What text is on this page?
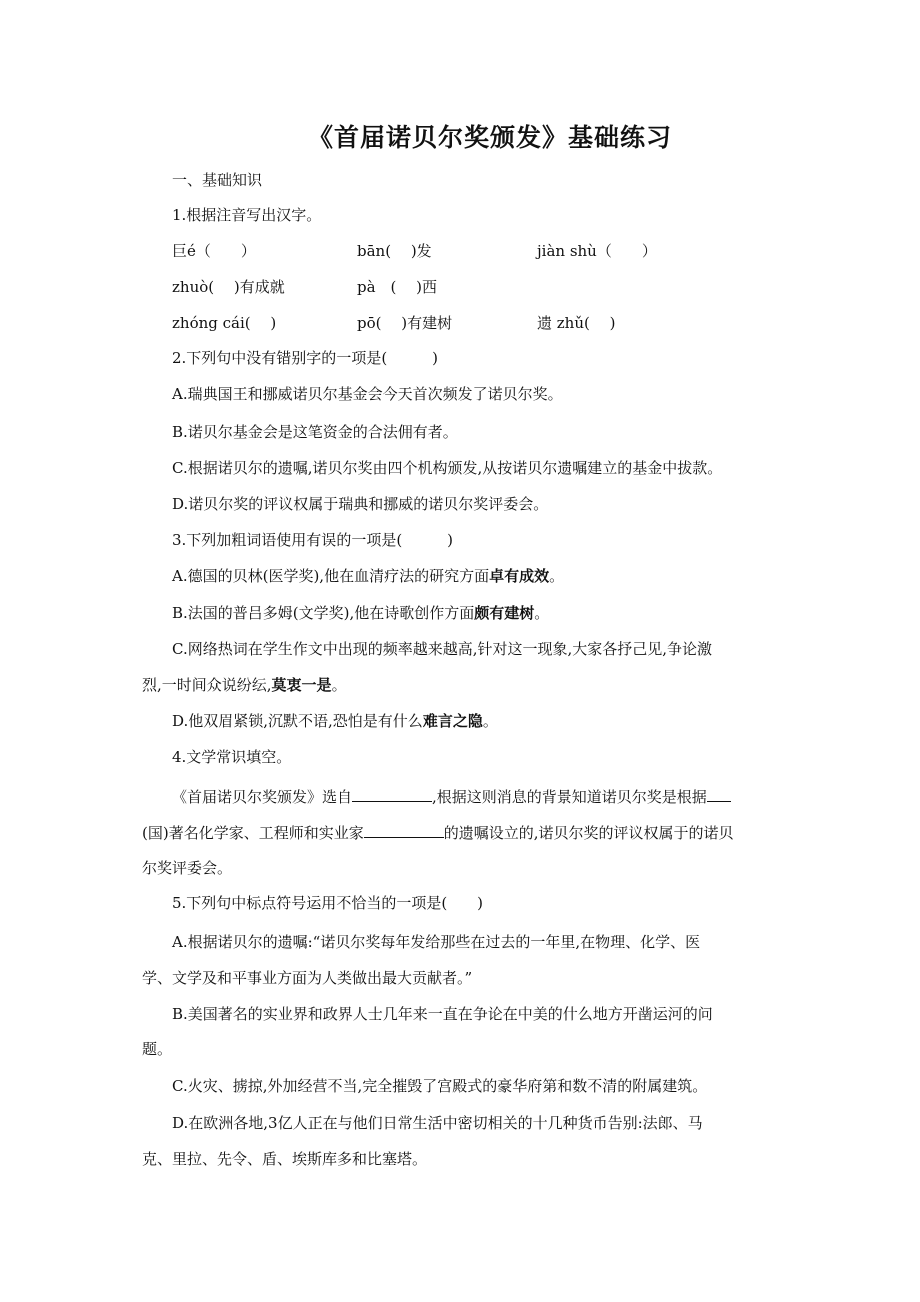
《首届诺贝尔奖颁发》基础练习
一、基础知识
1.根据注音写出汉字。
巨é（　　）	bān(　 )发	jiàn shù（　　）
zhuò(　 )有成就	pà　(　 )西
zhóng cái(　 )	pō(　 )有建树	遗 zhǔ(　 )
2.下列句中没有错别字的一项是(　　　)
A.瑞典国王和挪威诺贝尔基金会今天首次频发了诺贝尔奖。
B.诺贝尔基金会是这笔资金的合法佣有者。
C.根据诺贝尔的遗嘱,诺贝尔奖由四个机构颁发,从按诺贝尔遗嘱建立的基金中拔款。
D.诺贝尔奖的评议权属于瑞典和挪威的诺贝尔奖评委会。
3.下列加粗词语使用有误的一项是(　　　)
A.德国的贝林(医学奖),他在血清疗法的研究方面卓有成效。
B.法国的普吕多姆(文学奖),他在诗歌创作方面颇有建树。
C.网络热词在学生作文中出现的频率越来越高,针对这一现象,大家各抒己见,争论激
烈,一时间众说纷纭,莫衷一是。
D.他双眉紧锁,沉默不语,恐怕是有什么难言之隐。
4.文学常识填空。
《首届诺贝尔奖颁发》选自	,根据这则消息的背景知道诺贝尔奖是根据
(国)著名化学家、工程师和实业家	的遗嘱设立的,诺贝尔奖的评议权属于的诺贝
尔奖评委会。
5.下列句中标点符号运用不恰当的一项是(　　)
A.根据诺贝尔的遗嘱:“诺贝尔奖每年发给那些在过去的一年里,在物理、化学、医
学、文学及和平事业方面为人类做出最大贡献者。”
B.美国著名的实业界和政界人士几年来一直在争论在中美的什么地方开凿运河的问
题。
C.火灾、掳掠,外加经营不当,完全摧毁了宫殿式的豪华府第和数不清的附属建筑。
D.在欧洲各地,3亿人正在与他们日常生活中密切相关的十几种货币告别:法郎、马
克、里拉、先令、盾、埃斯库多和比塞塔。
